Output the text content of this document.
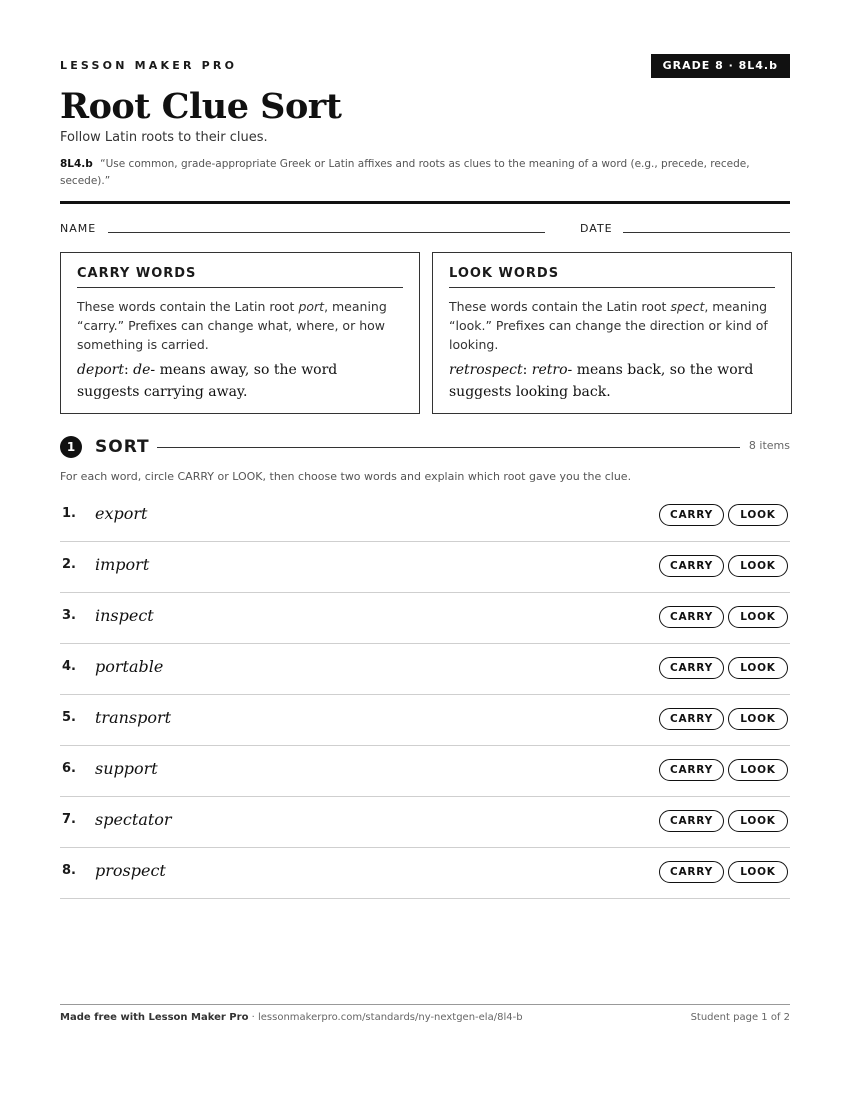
LESSON MAKER PRO	GRADE 8 · 8L4.b
Root Clue Sort
Follow Latin roots to their clues.
8L4.b “Use common, grade-appropriate Greek or Latin affixes and roots as clues to the meaning of a word (e.g., precede, recede, secede).”
NAME	DATE
CARRY WORDS
These words contain the Latin root port, meaning “carry.” Prefixes can change what, where, or how something is carried.
deport: de- means away, so the word suggests carrying away.
LOOK WORDS
These words contain the Latin root spect, meaning “look.” Prefixes can change the direction or kind of looking.
retrospect: retro- means back, so the word suggests looking back.
1	SORT	8 items
For each word, circle CARRY or LOOK, then choose two words and explain which root gave you the clue.
1. export	CARRY	LOOK
2. import	CARRY	LOOK
3. inspect	CARRY	LOOK
4. portable	CARRY	LOOK
5. transport	CARRY	LOOK
6. support	CARRY	LOOK
7. spectator	CARRY	LOOK
8. prospect	CARRY	LOOK
Made free with Lesson Maker Pro · lessonmakerpro.com/standards/ny-nextgen-ela/8l4-b	Student page 1 of 2
